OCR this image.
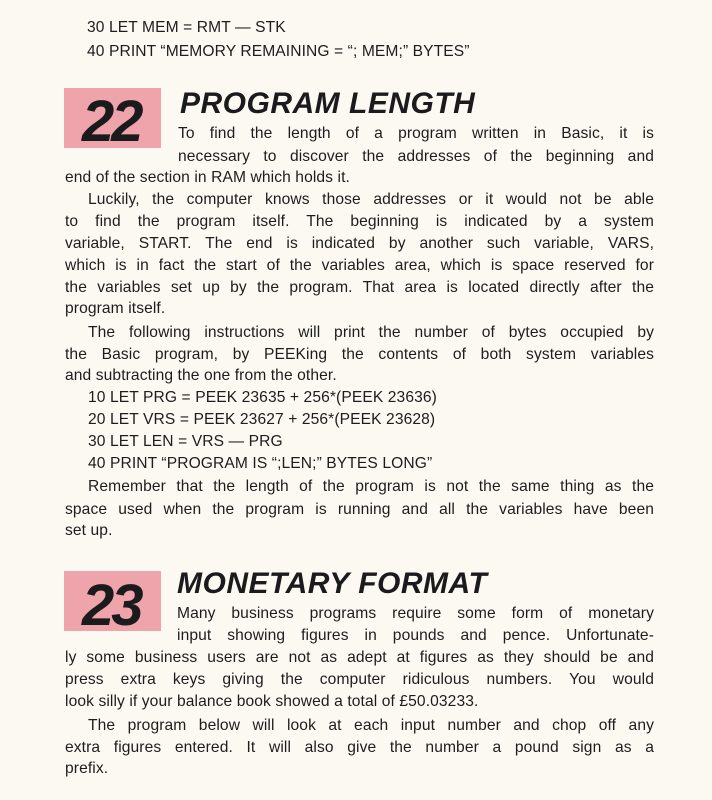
30 LET MEM = RMT — STK
40 PRINT “MEMORY REMAINING = “; MEM;” BYTES”
22 PROGRAM LENGTH
To find the length of a program written in Basic, it is
necessary to discover the addresses of the beginning and
end of the section in RAM which holds it.
Luckily, the computer knows those addresses or it would not be able
to find the program itself. The beginning is indicated by a system
variable, START. The end is indicated by another such variable, VARS,
which is in fact the start of the variables area, which is space reserved for
the variables set up by the program. That area is located directly after the
program itself.
The following instructions will print the number of bytes occupied by
the Basic program, by PEEKing the contents of both system variables
and subtracting the one from the other.
10 LET PRG = PEEK 23635 + 256*(PEEK 23636)
20 LET VRS = PEEK 23627 + 256*(PEEK 23628)
30 LET LEN = VRS — PRG
40 PRINT “PROGRAM IS “;LEN;” BYTES LONG”
Remember that the length of the program is not the same thing as the
space used when the program is running and all the variables have been
set up.
23 MONETARY FORMAT
Many business programs require some form of monetary
input showing figures in pounds and pence. Unfortunate-
ly some business users are not as adept at figures as they should be and
press extra keys giving the computer ridiculous numbers. You would
look silly if your balance book showed a total of £50.03233.
The program below will look at each input number and chop off any
extra figures entered. It will also give the number a pound sign as a
prefix.
